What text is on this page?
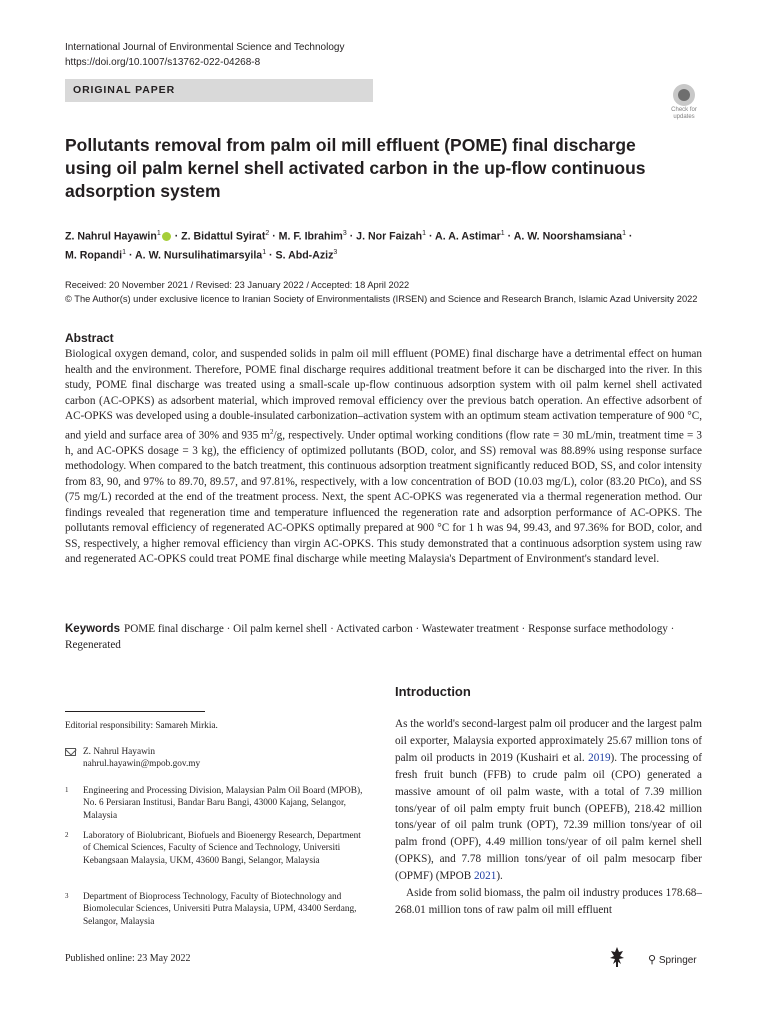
International Journal of Environmental Science and Technology
https://doi.org/10.1007/s13762-022-04268-8
ORIGINAL PAPER
Check for updates
Pollutants removal from palm oil mill effluent (POME) final discharge using oil palm kernel shell activated carbon in the up-flow continuous adsorption system
Z. Nahrul Hayawin$^1$ · Z. Bidattul Syirat$^2$ · M. F. Ibrahim$^3$ · J. Nor Faizah$^1$ · A. A. Astimar$^1$ · A. W. Noorshamsiana$^1$ ·
M. Ropandi$^1$ · A. W. Nursulihatimarsyila$^1$ · S. Abd-Aziz$^3$
Received: 20 November 2021 / Revised: 23 January 2022 / Accepted: 18 April 2022
© The Author(s) under exclusive licence to Iranian Society of Environmentalists (IRSEN) and Science and Research Branch, Islamic Azad University 2022
Abstract

Biological oxygen demand, color, and suspended solids in palm oil mill effluent (POME) final discharge have a detrimental effect on human health and the environment. Therefore, POME final discharge requires additional treatment before it can be discharged into the river. In this study, POME final discharge was treated using a small-scale up-flow continuous adsorption system with oil palm kernel shell activated carbon (AC-OPKS) as adsorbent material, which improved removal efficiency over the previous batch operation. An effective adsorbent of AC-OPKS was developed using a double-insulated carbonization–activation system with an optimum steam activation temperature of 900 °C, and yield and surface area of 30% and 935 $m^2/g$, respectively. Under optimal working conditions (flow rate = 30 mL/min, treatment time = 3 h, and AC-OPKS dosage = 3 kg), the efficiency of optimized pollutants (BOD, color, and SS) removal was 88.89% using response surface methodology. When compared to the batch treatment, this continuous adsorption treatment significantly reduced BOD, SS, and color intensity from 83, 90, and 97% to 89.70, 89.57, and 97.81%, respectively, with a low concentration of BOD (10.03 mg/L), color (83.20 PtCo), and SS (75 mg/L) recorded at the end of the treatment process. Next, the spent AC-OPKS was regenerated via a thermal regeneration method. Our findings revealed that regeneration time and temperature influenced the regeneration rate and adsorption performance of AC-OPKS. The pollutants removal efficiency of regenerated AC-OPKS optimally prepared at 900 °C for 1 h was 94, 99.43, and 97.36% for BOD, color, and SS, respectively, a higher removal efficiency than virgin AC-OPKS. This study demonstrated that a continuous adsorption system using raw and regenerated AC-OPKS could treat POME final discharge while meeting Malaysia's Department of Environment's standard level.

Keywords POME final discharge · Oil palm kernel shell · Activated carbon · Wastewater treatment · Response surface methodology · Regenerated

Introduction

As the world's second-largest palm oil producer and the largest palm oil exporter, Malaysia exported approximately 25.67 million tons of palm oil products in 2019 (Kushairi et al. 2019). The processing of fresh fruit bunch (FFB) to crude palm oil (CPO) generated a massive amount of oil palm waste, with a total of 7.39 million tons/year of oil palm empty fruit bunch (OPEFB), 218.42 million tons/year of oil palm trunk (OPT), 72.39 million tons/year of oil palm frond (OPF), 4.49 million tons/year of oil palm kernel shell (OPKS), and 7.78 million tons/year of oil palm mesocarp fiber (OPMF) (MPOB 2021).

Aside from solid biomass, the palm oil industry produces 178.68–268.01 million tons of raw palm oil mill effluent

Editorial responsibility: Samareh Mirkia.
Z. Nahrul Hayawin
nahrul.hayawin@mpob.gov.my
1	Engineering and Processing Division, Malaysian Palm Oil Board (MPOB), No. 6 Persiaran Institusi, Bandar Baru Bangi, 43000 Kajang, Selangor, Malaysia
2	Laboratory of Biolubricant, Biofuels and Bioenergy Research, Department of Chemical Sciences, Faculty of Science and Technology, Universiti Kebangsaan Malaysia, UKM, 43600 Bangi, Selangor, Malaysia
3	Department of Bioprocess Technology, Faculty of Biotechnology and Biomolecular Sciences, Universiti Putra Malaysia, UPM, 43400 Serdang, Selangor, Malaysia
Published online: 23 May 2022	⚲ Springer
